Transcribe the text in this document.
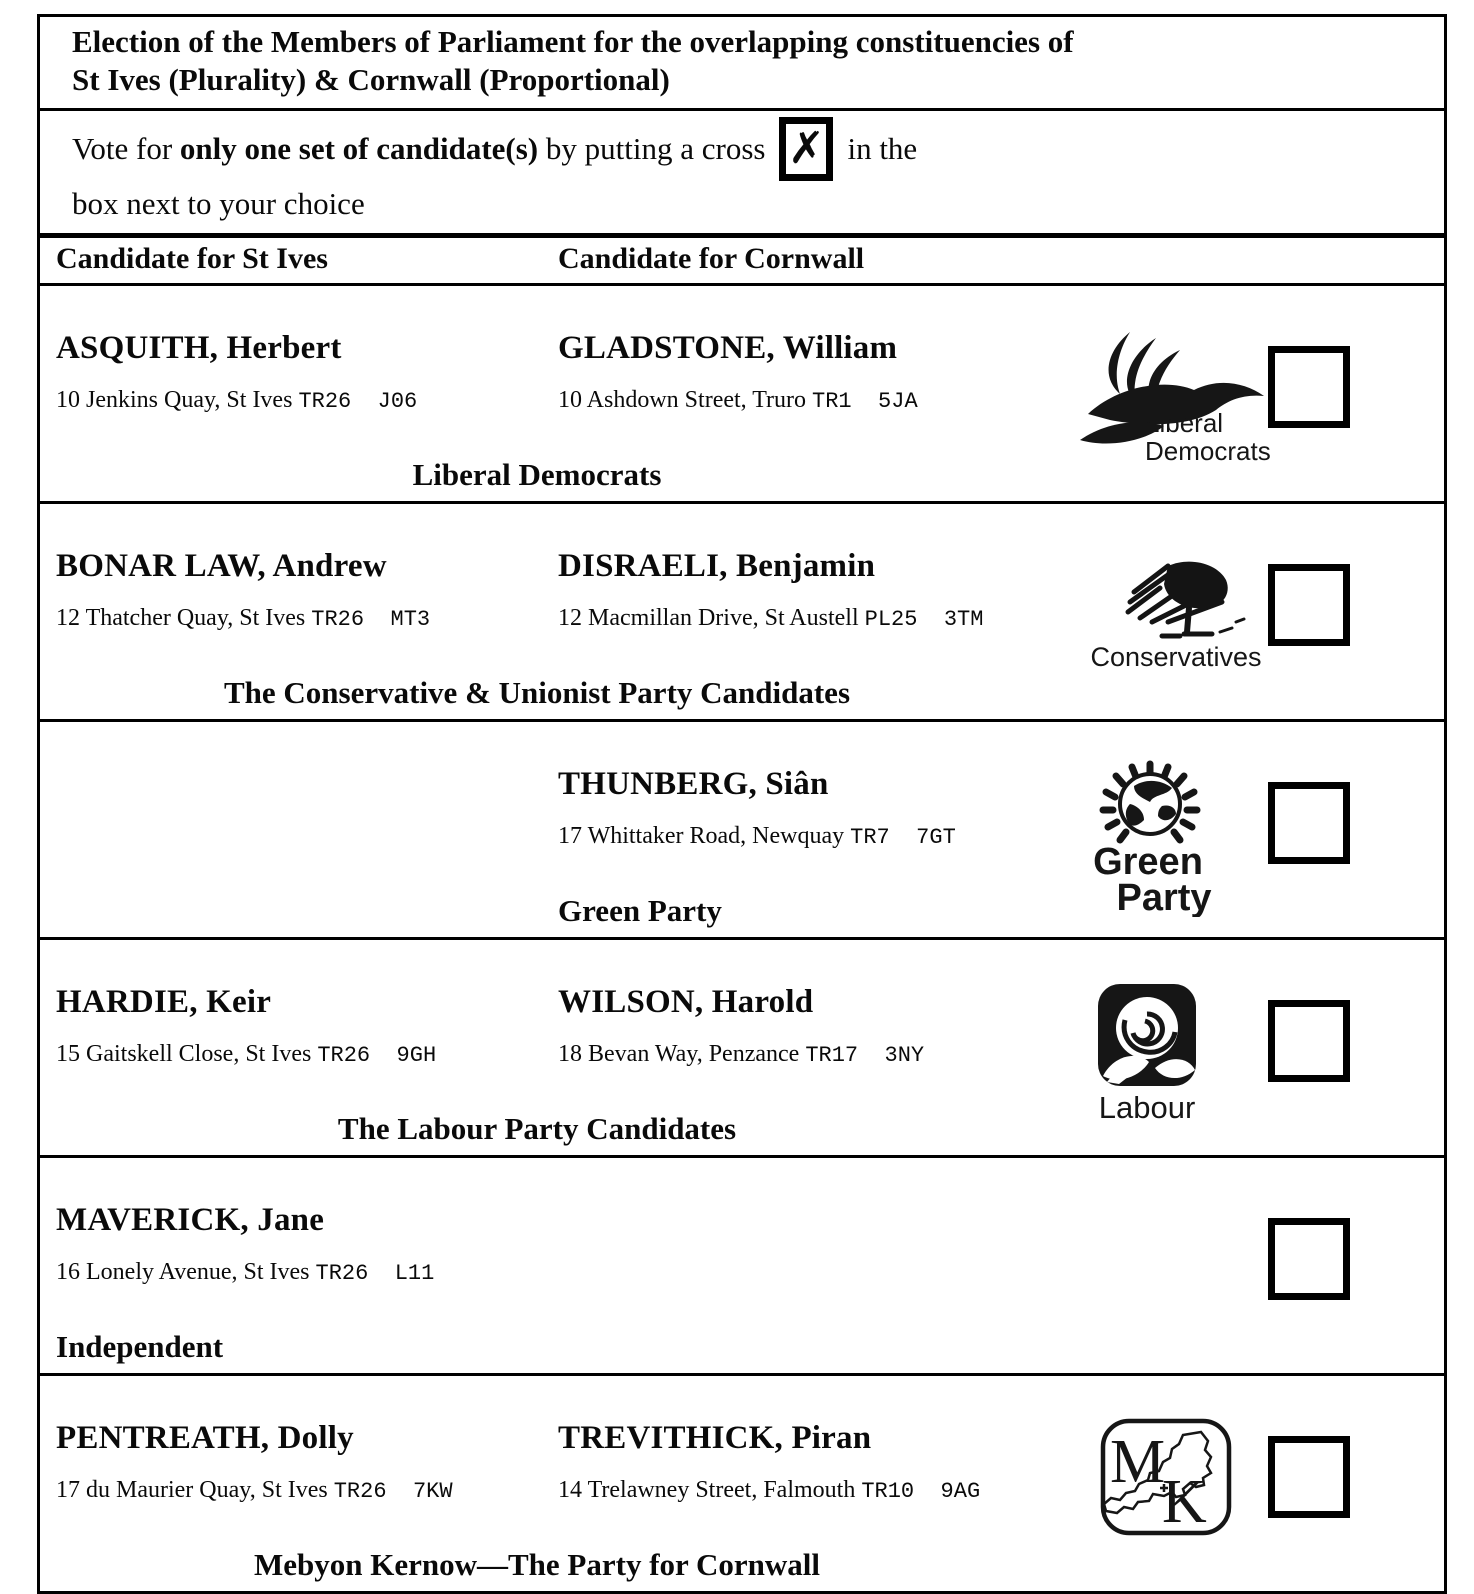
Election of the Members of Parliament for the overlapping constituencies of
St Ives (Plurality) & Cornwall (Proportional)
Vote for only one set of candidate(s) by putting a cross ✗ in the
box next to your choice
Candidate for St Ives	Candidate for Cornwall
ASQUITH, Herbert
10 Jenkins Quay, St Ives TR26  J06
GLADSTONE, William
10 Ashdown Street, Truro TR1  5JA
Liberal
Democrats
Liberal Democrats
BONAR LAW, Andrew
12 Thatcher Quay, St Ives TR26  MT3
DISRAELI, Benjamin
12 Macmillan Drive, St Austell PL25  3TM
Conservatives
The Conservative & Unionist Party Candidates
THUNBERG, Siân
17 Whittaker Road, Newquay TR7  7GT
Green
Party
Green Party
HARDIE, Keir
15 Gaitskell Close, St Ives TR26  9GH
WILSON, Harold
18 Bevan Way, Penzance TR17  3NY
Labour
The Labour Party Candidates
MAVERICK, Jane
16 Lonely Avenue, St Ives TR26  L11
Independent
PENTREATH, Dolly
17 du Maurier Quay, St Ives TR26  7KW
TREVITHICK, Piran
14 Trelawney Street, Falmouth TR10  9AG M
K
Mebyon Kernow—The Party for Cornwall
